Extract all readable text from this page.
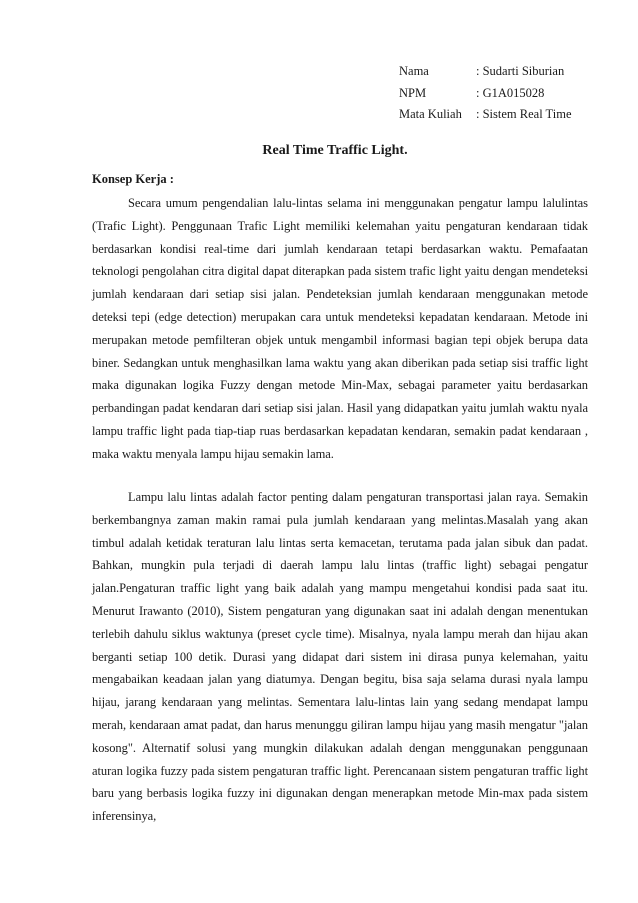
Nama	: Sudarti Siburian
NPM	: G1A015028
Mata Kuliah	: Sistem Real Time
Real Time Traffic Light.
Konsep Kerja :

Secara umum pengendalian lalu-lintas selama ini menggunakan pengatur lampu lalulintas (Trafic Light). Penggunaan Trafic Light memiliki kelemahan yaitu pengaturan kendaraan tidak berdasarkan kondisi real-time dari jumlah kendaraan tetapi berdasarkan waktu. Pemafaatan teknologi pengolahan citra digital dapat diterapkan pada sistem trafic light yaitu dengan mendeteksi jumlah kendaraan dari setiap sisi jalan. Pendeteksian jumlah kendaraan menggunakan metode deteksi tepi (edge detection) merupakan cara untuk mendeteksi kepadatan kendaraan. Metode ini merupakan metode pemfilteran objek untuk mengambil informasi bagian tepi objek berupa data biner. Sedangkan untuk menghasilkan lama waktu yang akan diberikan pada setiap sisi traffic light maka digunakan logika Fuzzy dengan metode Min-Max, sebagai parameter yaitu berdasarkan perbandingan padat kendaran dari setiap sisi jalan. Hasil yang didapatkan yaitu jumlah waktu nyala lampu traffic light pada tiap-tiap ruas berdasarkan kepadatan kendaran, semakin padat kendaraan , maka waktu menyala lampu hijau semakin lama.

Lampu lalu lintas adalah factor penting dalam pengaturan transportasi jalan raya. Semakin berkembangnya zaman makin ramai pula jumlah kendaraan yang melintas.Masalah yang akan timbul adalah ketidak teraturan lalu lintas serta kemacetan, terutama pada jalan sibuk dan padat. Bahkan, mungkin pula terjadi di daerah lampu lalu lintas (traffic light) sebagai pengatur jalan.Pengaturan traffic light yang baik adalah yang mampu mengetahui kondisi pada saat itu. Menurut Irawanto (2010), Sistem pengaturan yang digunakan saat ini adalah dengan menentukan terlebih dahulu siklus waktunya (preset cycle time). Misalnya, nyala lampu merah dan hijau akan berganti setiap 100 detik. Durasi yang didapat dari sistem ini dirasa punya kelemahan, yaitu mengabaikan keadaan jalan yang diatumya. Dengan begitu, bisa saja selama durasi nyala lampu hijau, jarang kendaraan yang melintas. Sementara lalu-lintas lain yang sedang mendapat lampu merah, kendaraan amat padat, dan harus menunggu giliran lampu hijau yang masih mengatur "jalan kosong". Alternatif solusi yang mungkin dilakukan adalah dengan menggunakan penggunaan aturan logika fuzzy pada sistem pengaturan traffic light. Perencanaan sistem pengaturan traffic light baru yang berbasis logika fuzzy ini digunakan dengan menerapkan metode Min-max pada sistem inferensinya,
